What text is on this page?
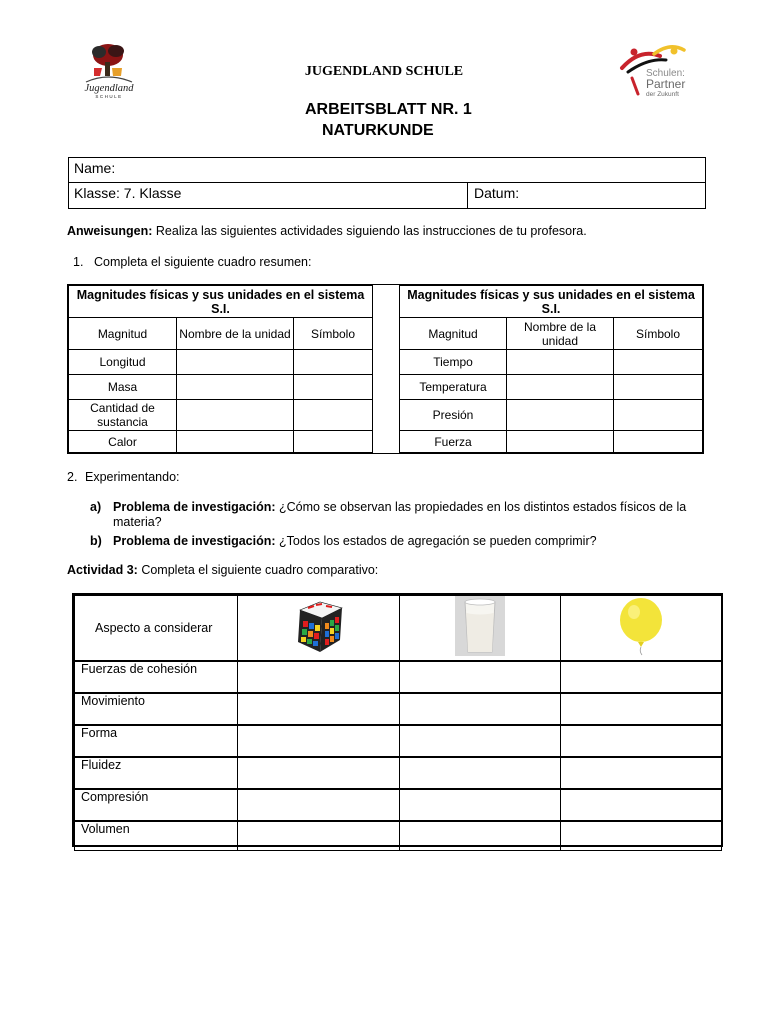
Jugendland
SCHULE
Schulen:
Partner
der Zukunft
JUGENDLAND SCHULE
ARBEITSBLATT NR. 1
NATURKUNDE
Name:
Klasse: 7. Klasse	Datum:
Anweisungen: Realiza las siguientes actividades siguiendo las instrucciones de tu profesora.
1. Completa el siguiente cuadro resumen:
Magnitudes físicas y sus unidades en el sistema S.I.				Magnitudes físicas y sus unidades en el sistema S.I.		
Magnitud	Nombre de la unidad	Símbolo		Magnitud	Nombre de la unidad	Símbolo
Longitud				Tiempo		
Masa				Temperatura		
Cantidad de sustancia				Presión		
Calor				Fuerza		
2. Experimentando:
a) Problema de investigación: ¿Cómo se observan las propiedades en los distintos estados físicos de la materia?
b) Problema de investigación: ¿Todos los estados de agregación se pueden comprimir?
Actividad 3: Completa el siguiente cuadro comparativo:
Aspecto a considerar			
Fuerzas de cohesión			
Movimiento			
Forma			
Fluidez			
Compresión			
Volumen			
